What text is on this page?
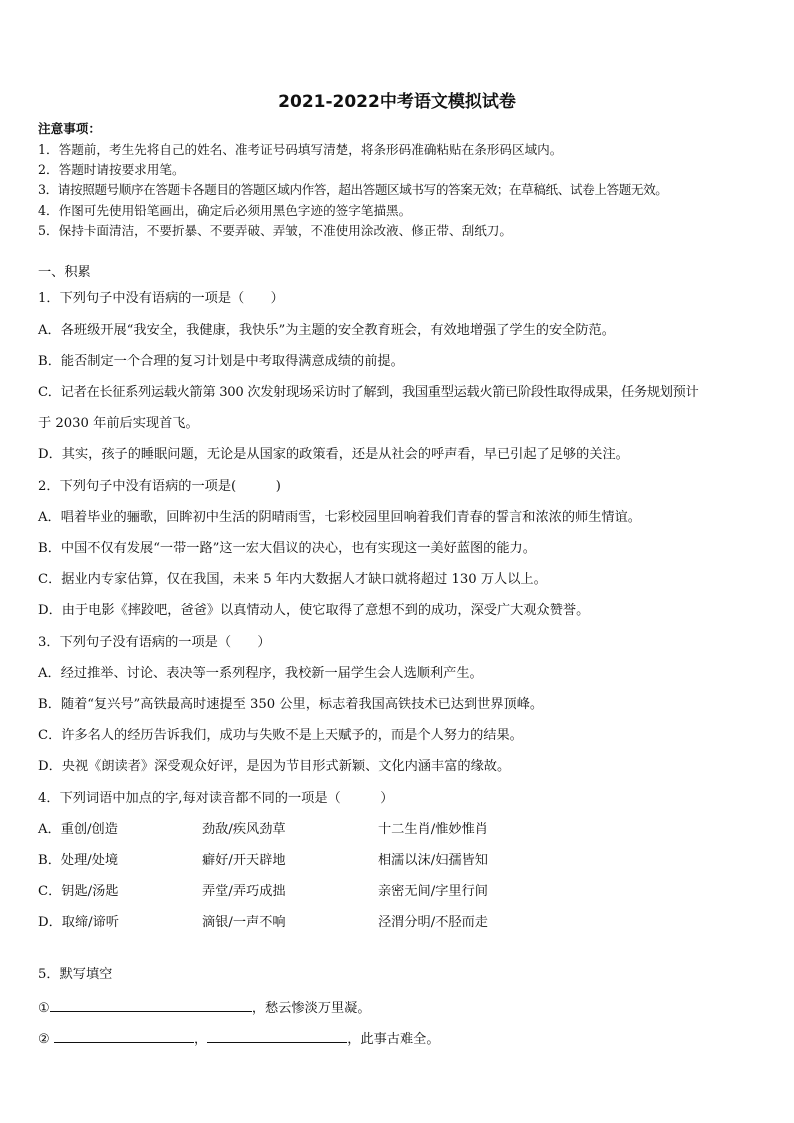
2021-2022中考语文模拟试卷
注意事项：
1．答题前，考生先将自己的姓名、准考证号码填写清楚，将条形码准确粘贴在条形码区域内。
2．答题时请按要求用笔。
3．请按照题号顺序在答题卡各题目的答题区域内作答，超出答题区域书写的答案无效；在草稿纸、试卷上答题无效。
4．作图可先使用铅笔画出，确定后必须用黑色字迹的签字笔描黑。
5．保持卡面清洁，不要折暴、不要弄破、弄皱，不准使用涂改液、修正带、刮纸刀。
一、积累
1．下列句子中没有语病的一项是（　　）
A．各班级开展“我安全，我健康，我快乐”为主题的安全教育班会，有效地增强了学生的安全防范。
B．能否制定一个合理的复习计划是中考取得满意成绩的前提。
C．记者在长征系列运载火箭第 300 次发射现场采访时了解到，我国重型运载火箭已阶段性取得成果，任务规划预计
于 2030 年前后实现首飞。
D．其实，孩子的睡眠问题，无论是从国家的政策看，还是从社会的呼声看，早已引起了足够的关注。
2．下列句子中没有语病的一项是(　　　)
A．唱着毕业的骊歌，回眸初中生活的阴晴雨雪，七彩校园里回响着我们青春的誓言和浓浓的师生情谊。
B．中国不仅有发展“一带一路”这一宏大倡议的决心，也有实现这一美好蓝图的能力。
C．据业内专家估算，仅在我国，未来 5 年内大数据人才缺口就将超过 130 万人以上。
D．由于电影《摔跤吧，爸爸》以真情动人，使它取得了意想不到的成功，深受广大观众赞誉。
3．下列句子没有语病的一项是（　　）
A．经过推举、讨论、表决等一系列程序，我校新一届学生会人选顺利产生。
B．随着“复兴号”高铁最高时速提至 350 公里，标志着我国高铁技术已达到世界顶峰。
C．许多名人的经历告诉我们，成功与失败不是上天赋予的，而是个人努力的结果。
D．央视《朗读者》深受观众好评，是因为节目形式新颖、文化内涵丰富的缘故。
4．下列词语中加点的字,每对读音都不同的一项是（　　　）
A．重创/创造	劲敌/疾风劲草	十二生肖/惟妙惟肖
B．处理/处境	癖好/开天辟地	相濡以沫/妇孺皆知
C．钥匙/汤匙	弄堂/弄巧成拙	亲密无间/字里行间
D．取缔/谛听	滴银/一声不响	泾渭分明/不胫而走
5．默写填空
①	，愁云惨淡万里凝。
②	，	，此事古难全。
